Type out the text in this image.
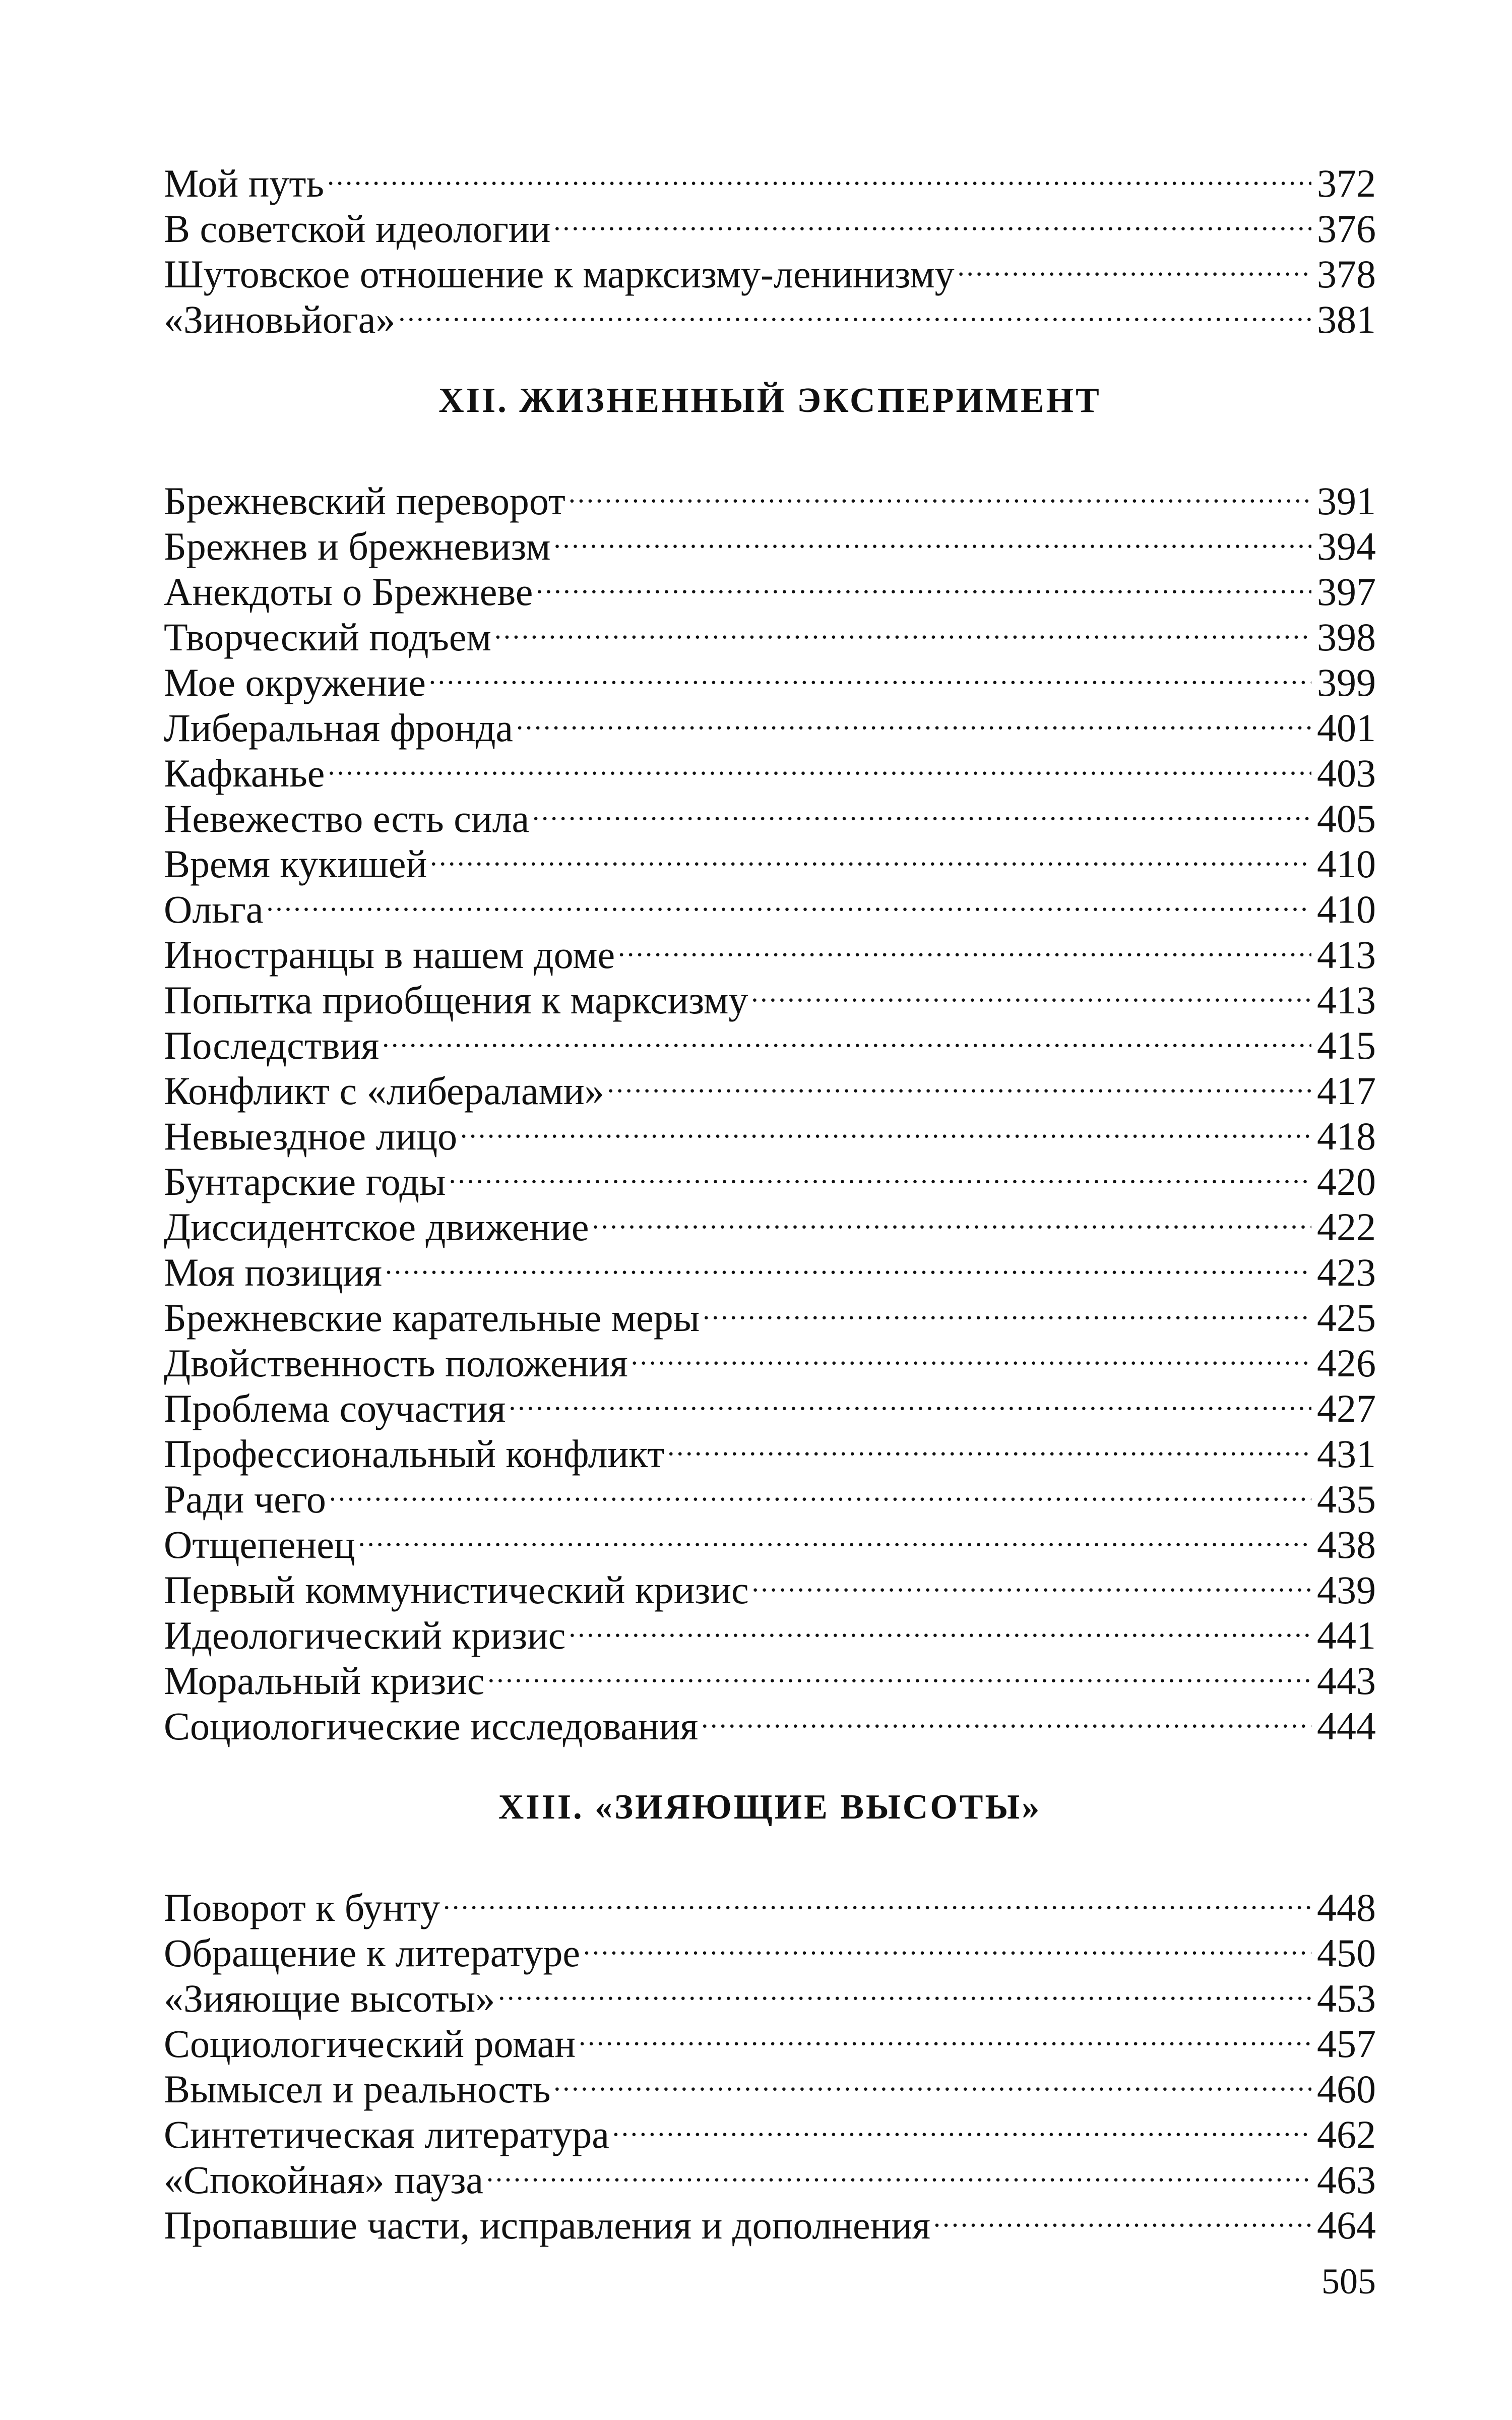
Мой путь .....	372
В советской идеологии .....	376
Шутовское отношение к марксизму-ленинизму .....	378
«Зиновьйога» .....	381
XII. ЖИЗНЕННЫЙ ЭКСПЕРИМЕНТ
Брежневский переворот .....	391
Брежнев и брежневизм .....	394
Анекдоты о Брежневе .....	397
Творческий подъем .....	398
Мое окружение .....	399
Либеральная фронда .....	401
Кафканье .....	403
Невежество есть сила .....	405
Время кукишей .....	410
Ольга .....	410
Иностранцы в нашем доме .....	413
Попытка приобщения к марксизму .....	413
Последствия .....	415
Конфликт с «либералами» .....	417
Невыездное лицо .....	418
Бунтарские годы .....	420
Диссидентское движение .....	422
Моя позиция .....	423
Брежневские карательные меры .....	425
Двойственность положения .....	426
Проблема соучастия .....	427
Профессиональный конфликт .....	431
Ради чего .....	435
Отщепенец .....	438
Первый коммунистический кризис .....	439
Идеологический кризис .....	441
Моральный кризис .....	443
Социологические исследования .....	444
XIII. «ЗИЯЮЩИЕ ВЫСОТЫ»
Поворот к бунту .....	448
Обращение к литературе .....	450
«Зияющие высоты» .....	453
Социологический роман .....	457
Вымысел и реальность .....	460
Синтетическая литература .....	462
«Спокойная» пауза .....	463
Пропавшие части, исправления и дополнения .....	464
505
